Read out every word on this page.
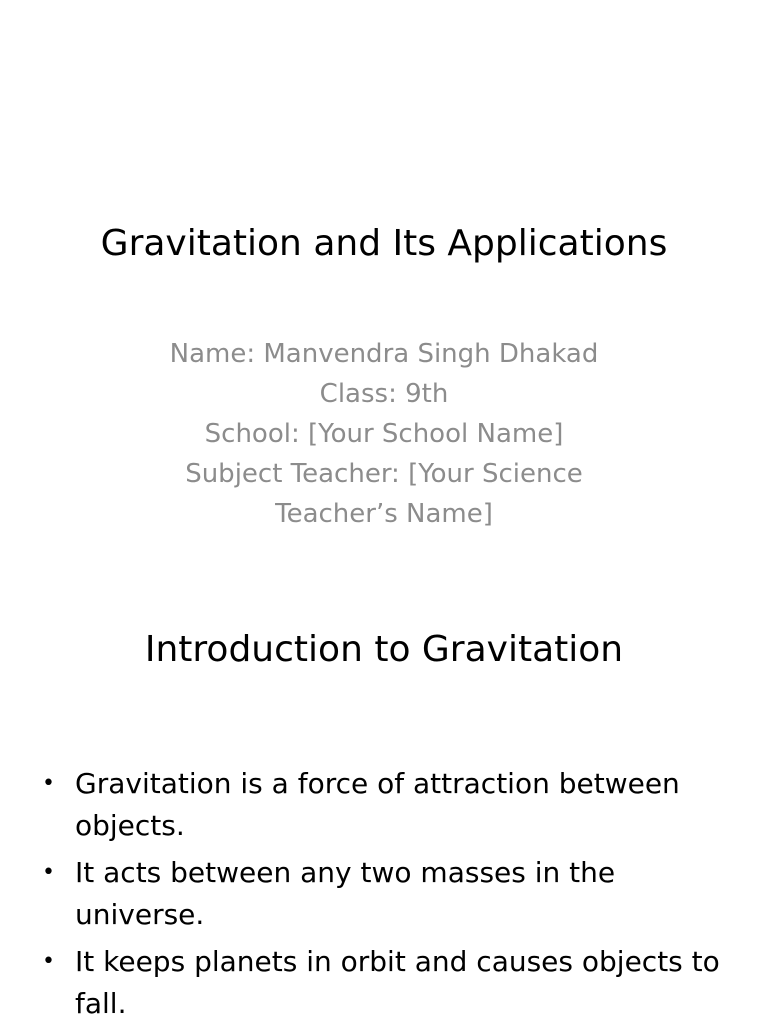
Gravitation and Its Applications
Name: Manvendra Singh Dhakad
Class: 9th
School: [Your School Name]
Subject Teacher: [Your Science Teacher’s Name]
Introduction to Gravitation
• Gravitation is a force of attraction between objects.
• It acts between any two masses in the universe.
• It keeps planets in orbit and causes objects to fall.
